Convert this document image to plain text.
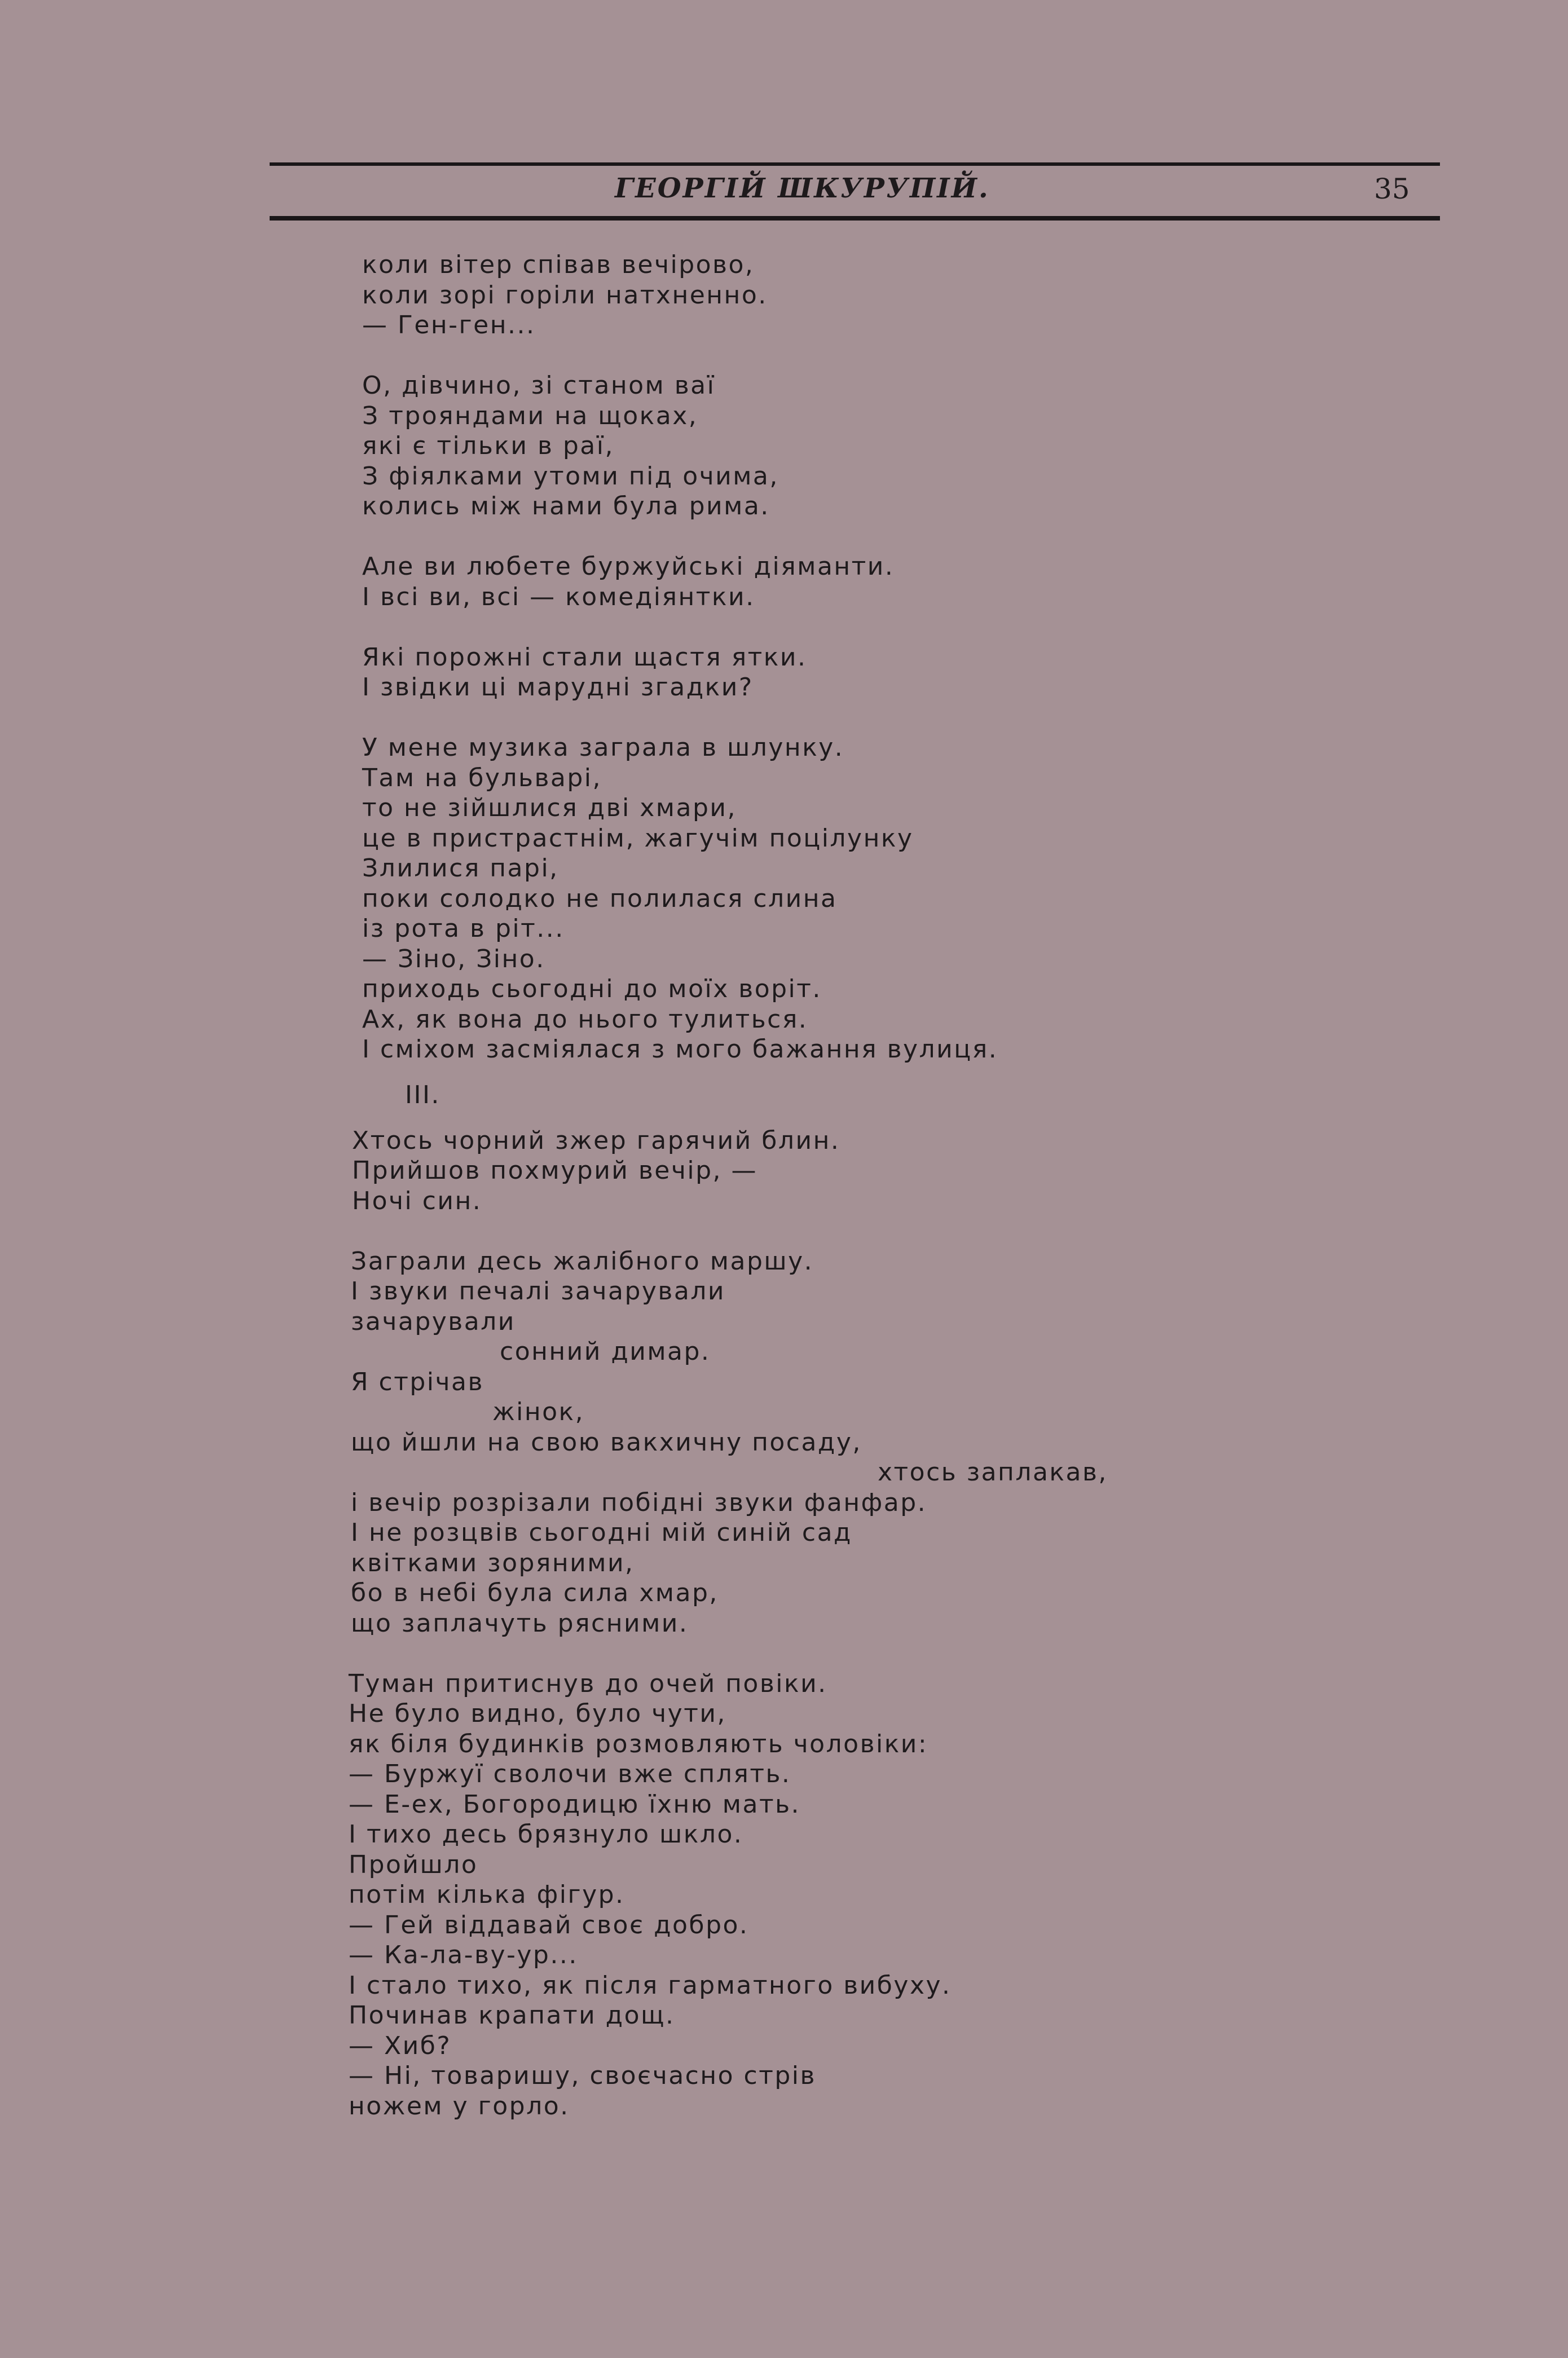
ГЕОРГІЙ ШКУРУПІЙ.	35
коли вітер співав вечірово,
коли зорі горіли натхненно.
— Ген-ген...
О, дівчино, зі станом ваї
З трояндами на щоках,
які є тільки в раї,
З фіялками утоми під очима,
колись між нами була рима.
Але ви любете буржуйські діяманти.
І всі ви, всі — комедіянтки.
Які порожні стали щастя ятки.
І звідки ці марудні згадки?
У мене музика заграла в шлунку.
Там на бульварі,
то не зійшлися дві хмари,
це в пристрастнім, жагучім поцілунку
Злилися парі,
поки солодко не полилася слина
із рота в ріт...
— Зіно, Зіно.
приходь сьогодні до моїх воріт.
Ах, як вона до нього тулиться.
І сміхом засміялася з мого бажання вулиця.
III.
Хтось чорний зжер гарячий блин.
Прийшов похмурий вечір, —
Ночі син.
Заграли десь жалібного маршу.
І звуки печалі зачарували
зачарували
сонний димар.
Я стрічав
жінок,
що йшли на свою вакхичну посаду,
хтось заплакав,
і вечір розрізали побідні звуки фанфар.
І не розцвів сьогодні мій синій сад
квітками зоряними,
бо в небі була сила хмар,
що заплачуть рясними.
Туман притиснув до очей повіки.
Не було видно, було чути,
як біля будинків розмовляють чоловіки:
— Буржуї сволочи вже сплять.
— Е-ех, Богородицю їхню мать.
І тихо десь брязнуло шкло.
Пройшло
потім кілька фігур.
— Гей віддавай своє добро.
— Ка-ла-ву-ур...
І стало тихо, як після гарматного вибуху.
Починав крапати дощ.
— Хиб?
— Ні, товаришу, своєчасно стрів
ножем у горло.
